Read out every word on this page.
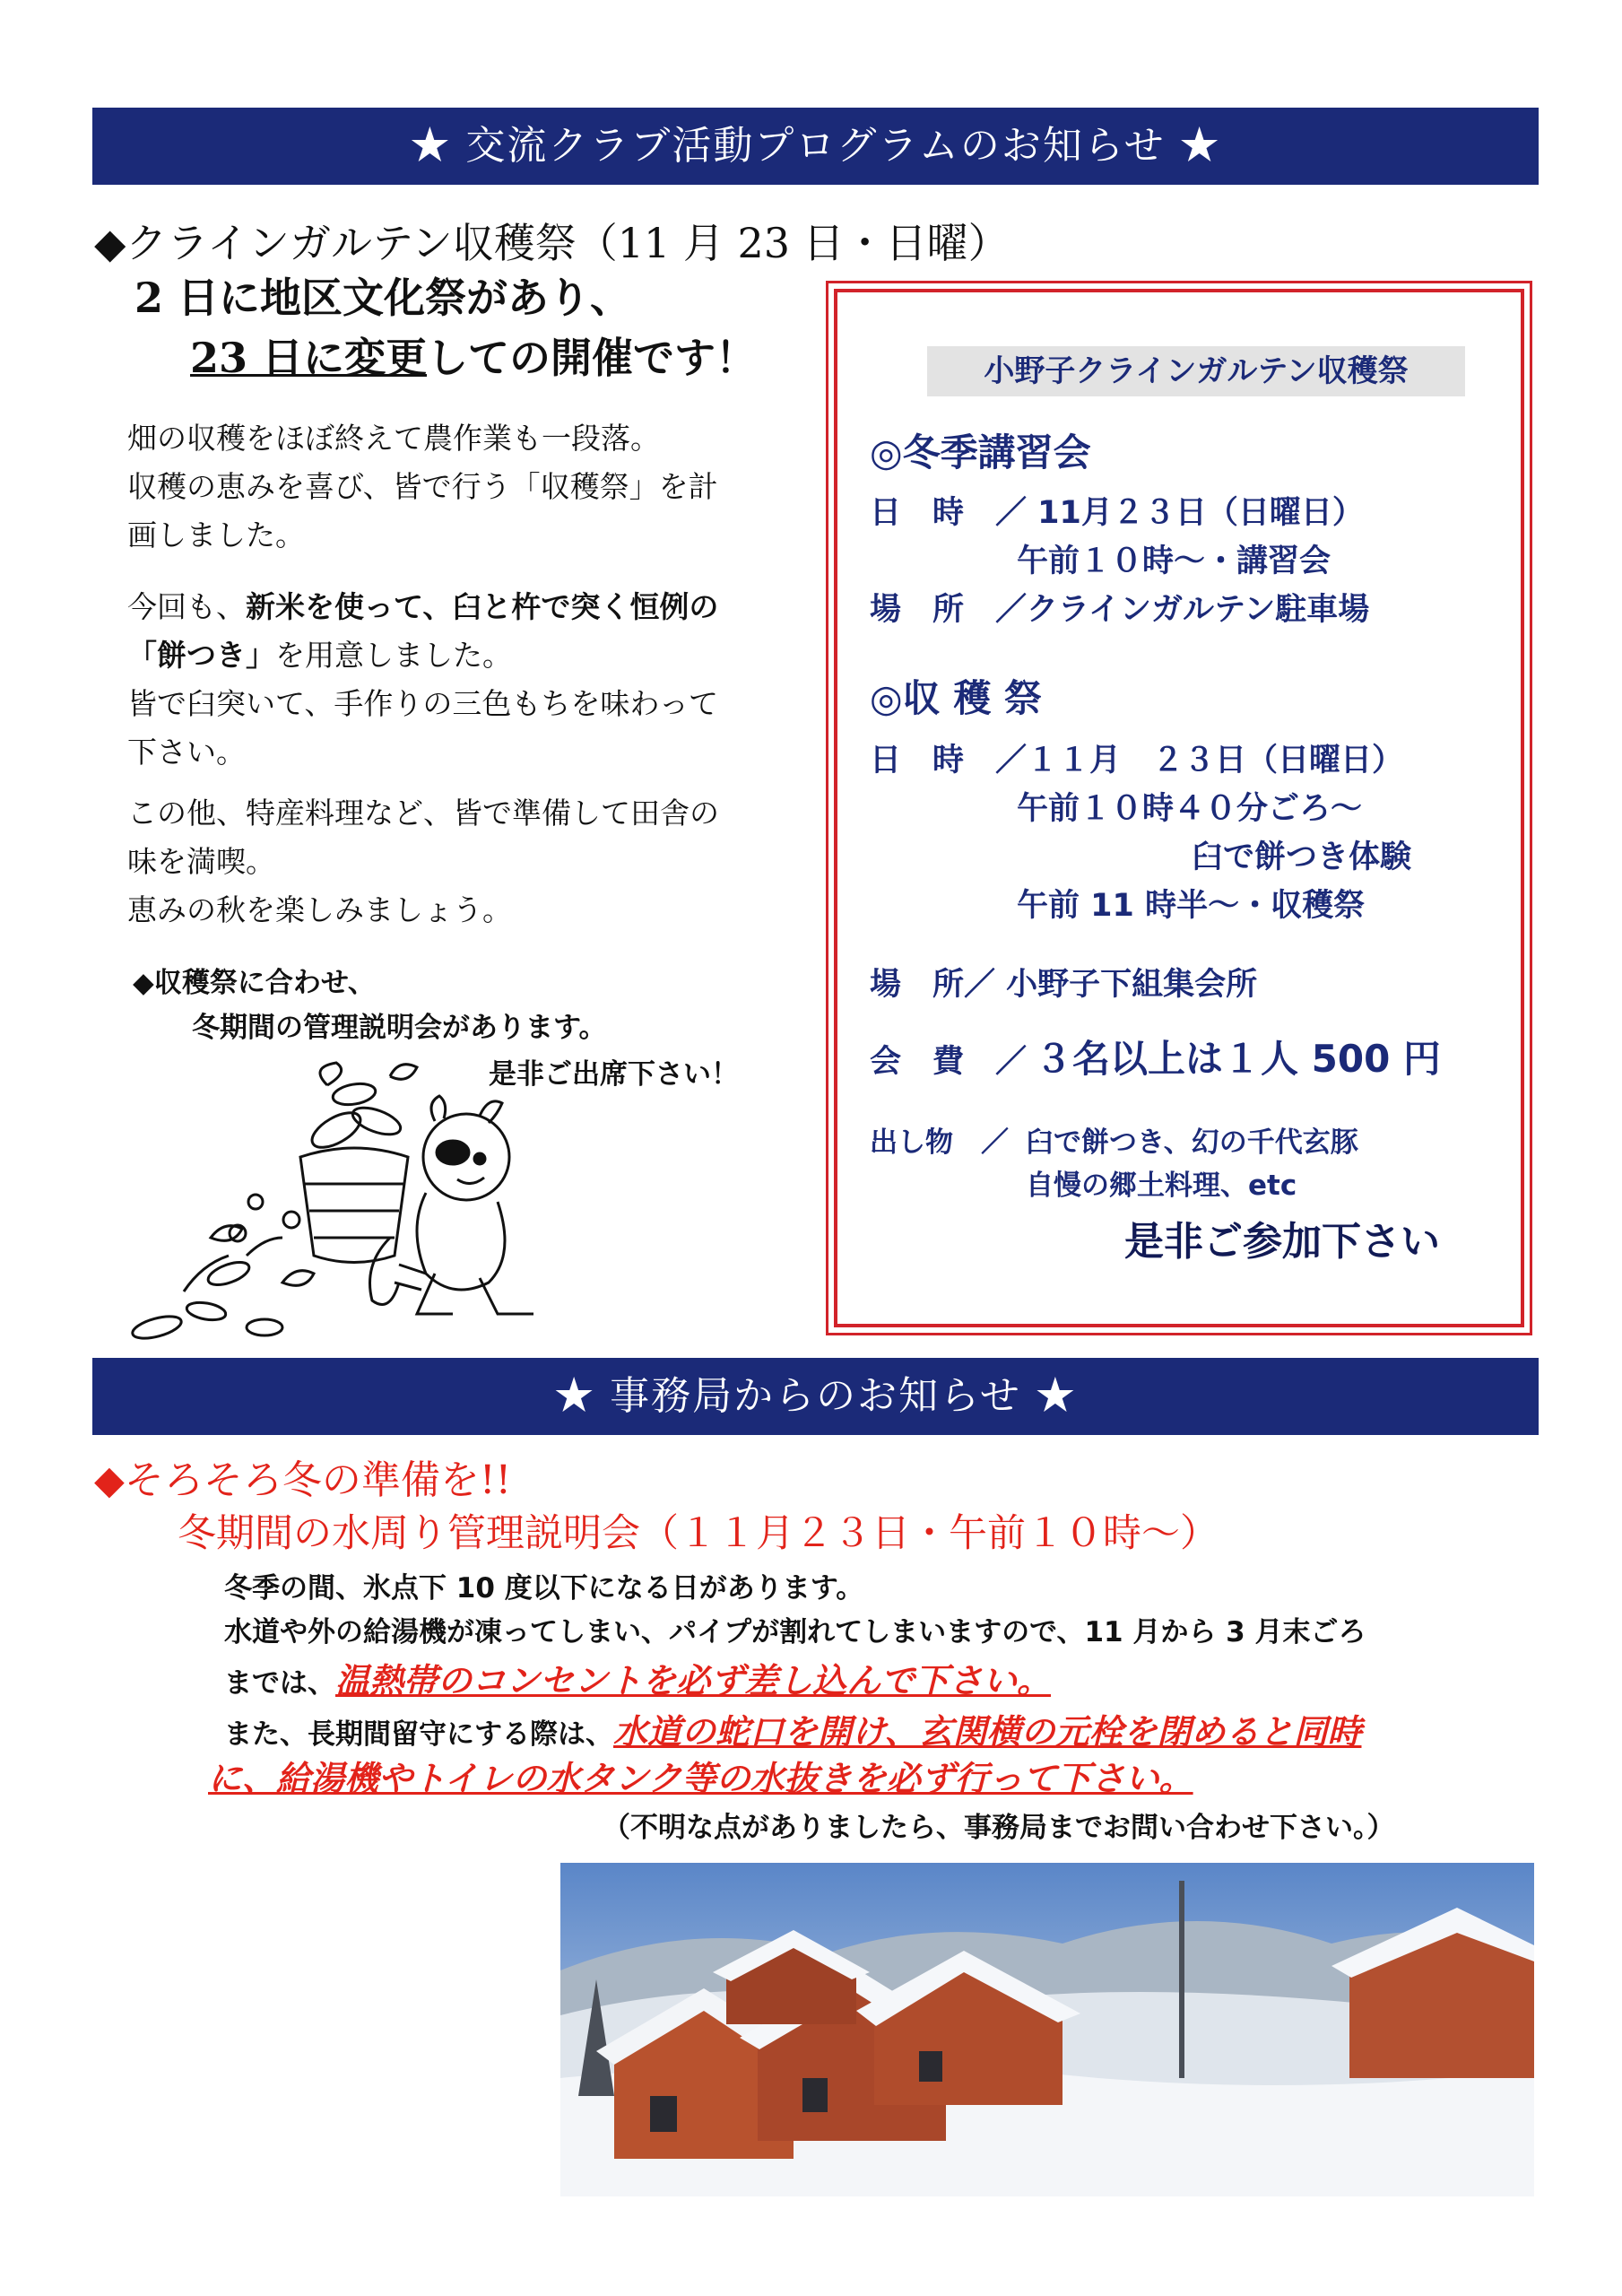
★ 交流クラブ活動プログラムのお知らせ ★
◆クラインガルテン収穫祭（11 月 23 日・日曜）
2 日に地区文化祭があり、
23 日に変更しての開催です！
畑の収穫をほぼ終えて農作業も一段落。
収穫の恵みを喜び、皆で行う「収穫祭」を計
画しました。
今回も、新米を使って、臼と杵で突く恒例の
「餅つき」を用意しました。
皆で臼突いて、手作りの三色もちを味わって
下さい。
この他、特産料理など、皆で準備して田舎の
味を満喫。
恵みの秋を楽しみましょう。
◆収穫祭に合わせ、
冬期間の管理説明会があります。
是非ご出席下さい！
小野子クラインガルテン収穫祭
◎冬季講習会
日　時　／ 11月２３日（日曜日）
午前１０時～・講習会
場　所　／クラインガルテン駐車場
◎収 穫 祭
日　時　／１１月　２３日（日曜日）
午前１０時４０分ごろ～
臼で餅つき体験
午前 11 時半～・収穫祭
場　所／ 小野子下組集会所
会　費　／ ３名以上は１人 500 円
出し物　／ 臼で餅つき、幻の千代玄豚
自慢の郷土料理、etc
是非ご参加下さい
★ 事務局からのお知らせ ★
◆そろそろ冬の準備を!!
冬期間の水周り管理説明会（１１月２３日・午前１０時～）
冬季の間、氷点下 10 度以下になる日があります。
水道や外の給湯機が凍ってしまい、パイプが割れてしまいますので、11 月から 3 月末ごろ
までは、温熱帯のコンセントを必ず差し込んで下さい。
また、長期間留守にする際は、水道の蛇口を開け、玄関横の元栓を閉めると同時
に、給湯機やトイレの水タンク等の水抜きを必ず行って下さい。
（不明な点がありましたら、事務局までお問い合わせ下さい。）
